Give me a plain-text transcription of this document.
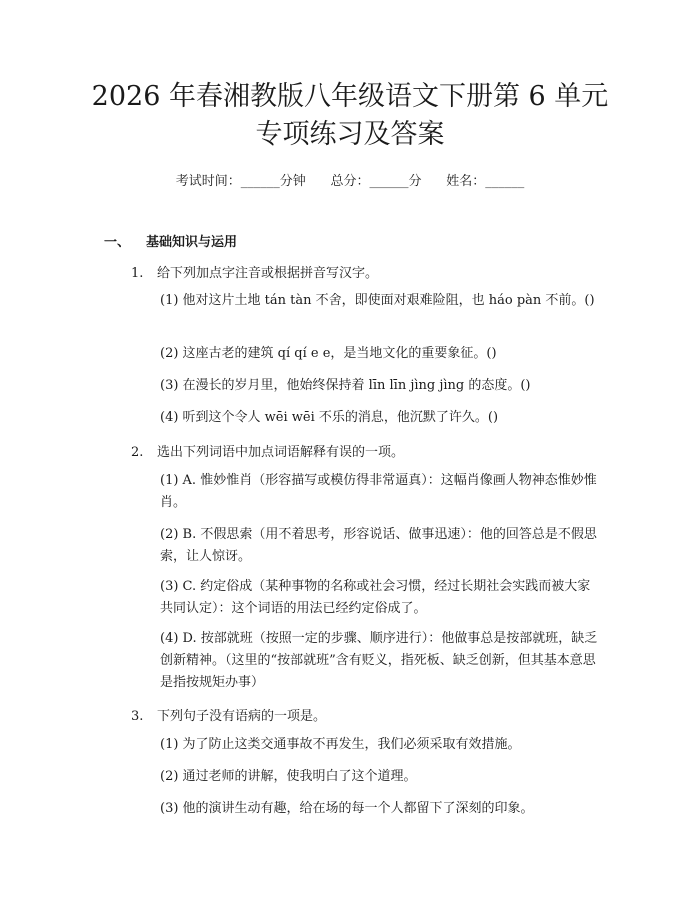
2026 年春湘教版八年级语文下册第 6 单元专项练习及答案
考试时间：______分钟      总分：______分      姓名：______
一、 基础知识与运用
1. 给下列加点字注音或根据拼音写汉字。
(1) 他对这片土地 tán tàn 不舍，即使面对艰难险阻，也 háo pàn 不前。()
(2) 这座古老的建筑 qí qí e e，是当地文化的重要象征。()
(3) 在漫长的岁月里，他始终保持着 līn līn jìng jìng 的态度。()
(4) 听到这个令人 wēi wēi 不乐的消息，他沉默了许久。()
2. 选出下列词语中加点词语解释有误的一项。
(1) A. 惟妙惟肖（形容描写或模仿得非常逼真）：这幅肖像画人物神态惟妙惟肖。
(2) B. 不假思索（用不着思考，形容说话、做事迅速）：他的回答总是不假思索，让人惊讶。
(3) C. 约定俗成（某种事物的名称或社会习惯，经过长期社会实践而被大家共同认定）：这个词语的用法已经约定俗成了。
(4) D. 按部就班（按照一定的步骤、顺序进行）：他做事总是按部就班，缺乏创新精神。（这里的“按部就班”含有贬义，指死板、缺乏创新，但其基本意思是指按规矩办事）
3. 下列句子没有语病的一项是。
(1) 为了防止这类交通事故不再发生，我们必须采取有效措施。
(2) 通过老师的讲解，使我明白了这个道理。
(3) 他的演讲生动有趣，给在场的每一个人都留下了深刻的印象。
